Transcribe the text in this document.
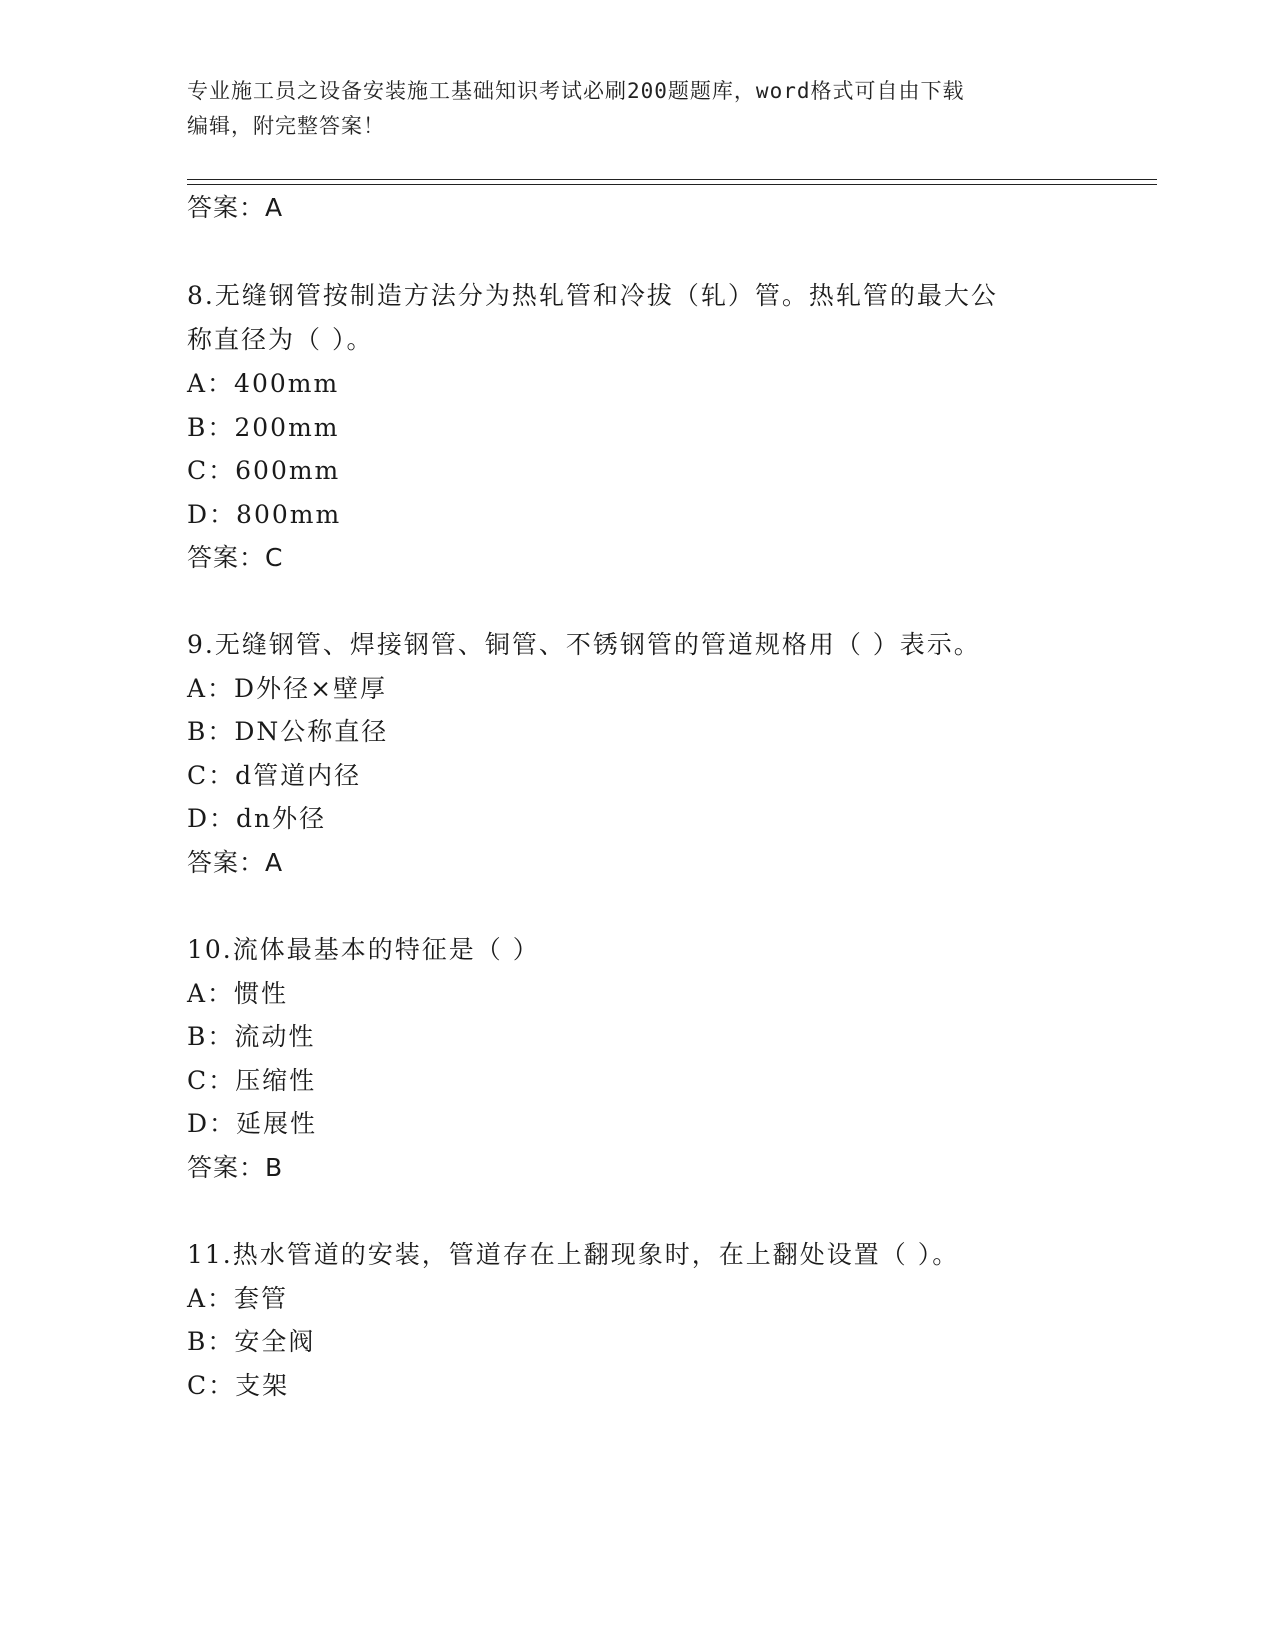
专业施工员之设备安装施工基础知识考试必刷200题题库，word格式可自由下载
编辑，附完整答案！
答案：A
8.无缝钢管按制造方法分为热轧管和冷拔（轧）管。热轧管的最大公
称直径为（ ）。
A：400mm
B：200mm
C：600mm
D：800mm
答案：C
9.无缝钢管、焊接钢管、铜管、不锈钢管的管道规格用（ ）表示。
A：D外径×壁厚
B：DN公称直径
C：d管道内径
D：dn外径
答案：A
10.流体最基本的特征是（ ）
A：惯性
B：流动性
C：压缩性
D：延展性
答案：B
11.热水管道的安装，管道存在上翻现象时，在上翻处设置（ ）。
A：套管
B：安全阀
C：支架
